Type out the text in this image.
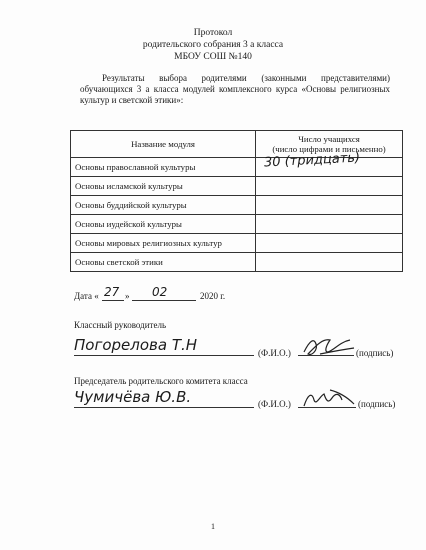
Протокол
родительского собрания 3 а класса
МБОУ СОШ №140
Результаты выбора родителями (законными представителями) обучающихся 3 а класса модулей комплексного курса «Основы религиозных культур и светской этики»:
Название модуля	Число учащихся
(число цифрами и письменно)
Основы православной культуры	30 (тридцать)

Основы исламской культуры	
Основы буддийской культуры	
Основы иудейской культуры	
Основы мировых религиозных культур	
Основы светской этики	
Дата « 27 » 02	2020 г.
Классный руководитель
Погорелова Т.Н	(Ф.И.О.)	(подпись)
Председатель родительского комитета класса
Чумичёва Ю.В.	(Ф.И.О.)	(подпись)
1
